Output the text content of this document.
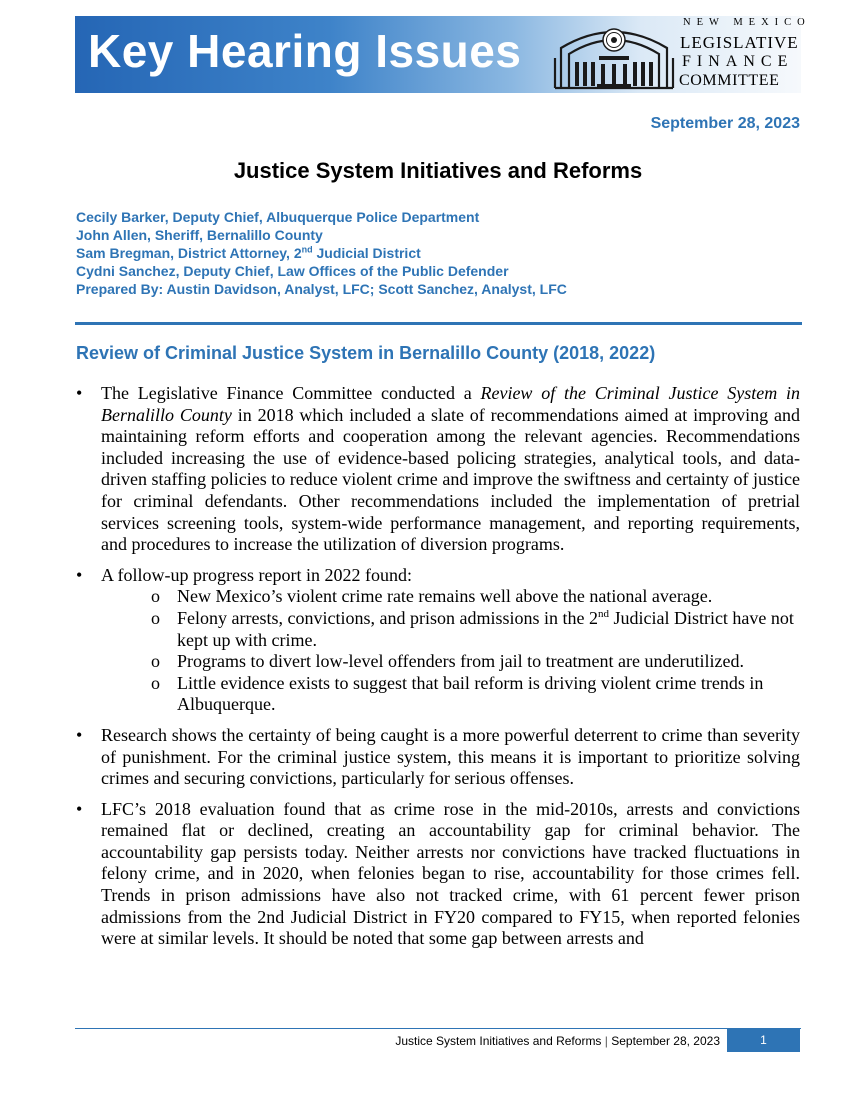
Key Hearing Issues
NEW MEXICO
LEGISLATIVE
FINANCE
COMMITTEE
September 28, 2023
Justice System Initiatives and Reforms
Cecily Barker, Deputy Chief, Albuquerque Police Department
John Allen, Sheriff, Bernalillo County
Sam Bregman, District Attorney, 2nd Judicial District
Cydni Sanchez, Deputy Chief, Law Offices of the Public Defender
Prepared By: Austin Davidson, Analyst, LFC; Scott Sanchez, Analyst, LFC
Review of Criminal Justice System in Bernalillo County (2018, 2022)
• The Legislative Finance Committee conducted a Review of the Criminal Justice System in Bernalillo County in 2018 which included a slate of recommendations aimed at improving and maintaining reform efforts and cooperation among the relevant agencies. Recommendations included increasing the use of evidence-based policing strategies, analytical tools, and data-driven staffing policies to reduce violent crime and improve the swiftness and certainty of justice for criminal defendants. Other recommendations included the implementation of pretrial services screening tools, system-wide performance management, and reporting requirements, and procedures to increase the utilization of diversion programs.
• A follow-up progress report in 2022 found:
o New Mexico’s violent crime rate remains well above the national average.
o Felony arrests, convictions, and prison admissions in the 2nd Judicial District have not kept up with crime.
o Programs to divert low-level offenders from jail to treatment are underutilized.
o Little evidence exists to suggest that bail reform is driving violent crime trends in Albuquerque.
• Research shows the certainty of being caught is a more powerful deterrent to crime than severity of punishment. For the criminal justice system, this means it is important to prioritize solving crimes and securing convictions, particularly for serious offenses.
• LFC’s 2018 evaluation found that as crime rose in the mid-2010s, arrests and convictions remained flat or declined, creating an accountability gap for criminal behavior. The accountability gap persists today. Neither arrests nor convictions have tracked fluctuations in felony crime, and in 2020, when felonies began to rise, accountability for those crimes fell. Trends in prison admissions have also not tracked crime, with 61 percent fewer prison admissions from the 2nd Judicial District in FY20 compared to FY15, when reported felonies were at similar levels. It should be noted that some gap between arrests and
Justice System Initiatives and Reforms | September 28, 2023	1
